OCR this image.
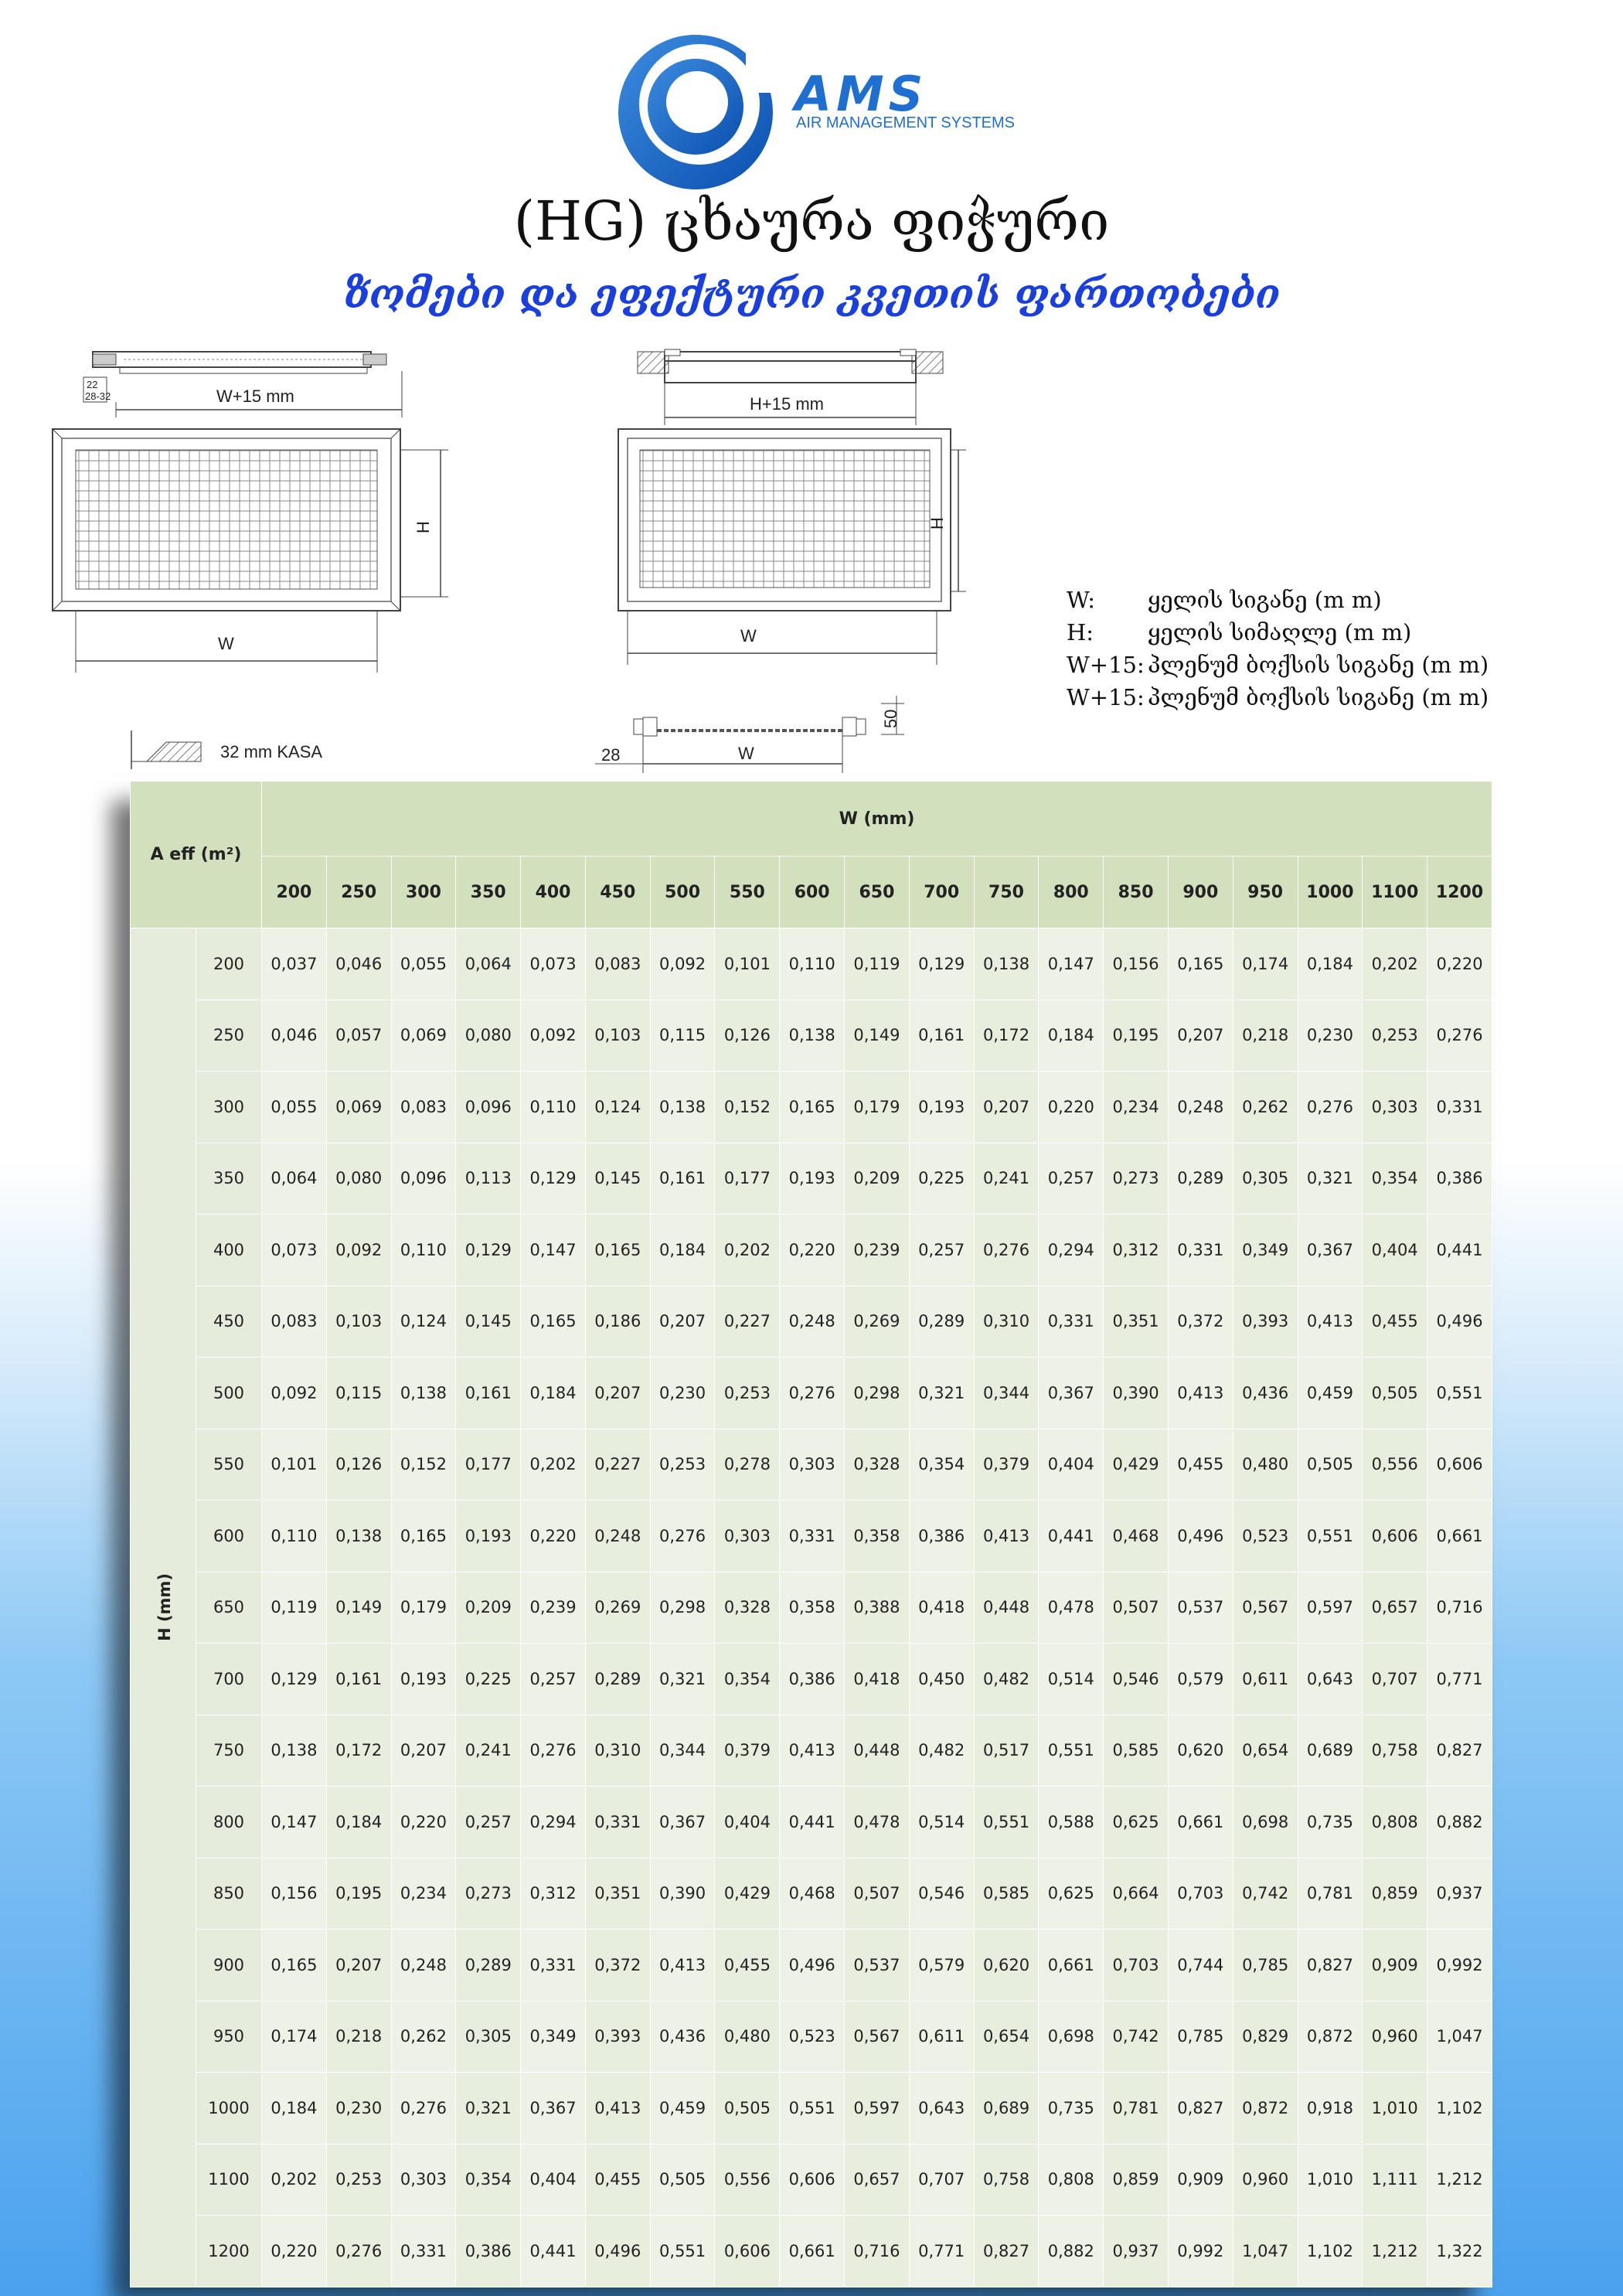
AMS
AIR MANAGEMENT SYSTEMS
(HG) ცხაურა ფიჭური
ზომები და ეფექტური კვეთის ფართობები
22
28-32	W+15 mm
H
W
H+15 mm
H
W
32 mm KASA
50
28	W
W:	ყელის სიგანე (m m)
H:	ყელის სიმაღლე (m m)
W+15: პლენუმ ბოქსის სიგანე (m m)
W+15: პლენუმ ბოქსის სიგანე (m m)
A eff (m²)		W (mm)																		
		200	250	300	350	400	450	500	550	600	650	700	750	800	850	900	950	1000	1100	1200
H (mm)	200	0,037	0,046	0,055	0,064	0,073	0,083	0,092	0,101	0,110	0,119	0,129	0,138	0,147	0,156	0,165	0,174	0,184	0,202	0,220
	250	0,046	0,057	0,069	0,080	0,092	0,103	0,115	0,126	0,138	0,149	0,161	0,172	0,184	0,195	0,207	0,218	0,230	0,253	0,276
	300	0,055	0,069	0,083	0,096	0,110	0,124	0,138	0,152	0,165	0,179	0,193	0,207	0,220	0,234	0,248	0,262	0,276	0,303	0,331
	350	0,064	0,080	0,096	0,113	0,129	0,145	0,161	0,177	0,193	0,209	0,225	0,241	0,257	0,273	0,289	0,305	0,321	0,354	0,386
	400	0,073	0,092	0,110	0,129	0,147	0,165	0,184	0,202	0,220	0,239	0,257	0,276	0,294	0,312	0,331	0,349	0,367	0,404	0,441
	450	0,083	0,103	0,124	0,145	0,165	0,186	0,207	0,227	0,248	0,269	0,289	0,310	0,331	0,351	0,372	0,393	0,413	0,455	0,496
	500	0,092	0,115	0,138	0,161	0,184	0,207	0,230	0,253	0,276	0,298	0,321	0,344	0,367	0,390	0,413	0,436	0,459	0,505	0,551
	550	0,101	0,126	0,152	0,177	0,202	0,227	0,253	0,278	0,303	0,328	0,354	0,379	0,404	0,429	0,455	0,480	0,505	0,556	0,606
	600	0,110	0,138	0,165	0,193	0,220	0,248	0,276	0,303	0,331	0,358	0,386	0,413	0,441	0,468	0,496	0,523	0,551	0,606	0,661
	650	0,119	0,149	0,179	0,209	0,239	0,269	0,298	0,328	0,358	0,388	0,418	0,448	0,478	0,507	0,537	0,567	0,597	0,657	0,716
	700	0,129	0,161	0,193	0,225	0,257	0,289	0,321	0,354	0,386	0,418	0,450	0,482	0,514	0,546	0,579	0,611	0,643	0,707	0,771
	750	0,138	0,172	0,207	0,241	0,276	0,310	0,344	0,379	0,413	0,448	0,482	0,517	0,551	0,585	0,620	0,654	0,689	0,758	0,827
	800	0,147	0,184	0,220	0,257	0,294	0,331	0,367	0,404	0,441	0,478	0,514	0,551	0,588	0,625	0,661	0,698	0,735	0,808	0,882
	850	0,156	0,195	0,234	0,273	0,312	0,351	0,390	0,429	0,468	0,507	0,546	0,585	0,625	0,664	0,703	0,742	0,781	0,859	0,937
	900	0,165	0,207	0,248	0,289	0,331	0,372	0,413	0,455	0,496	0,537	0,579	0,620	0,661	0,703	0,744	0,785	0,827	0,909	0,992
	950	0,174	0,218	0,262	0,305	0,349	0,393	0,436	0,480	0,523	0,567	0,611	0,654	0,698	0,742	0,785	0,829	0,872	0,960	1,047
	1000	0,184	0,230	0,276	0,321	0,367	0,413	0,459	0,505	0,551	0,597	0,643	0,689	0,735	0,781	0,827	0,872	0,918	1,010	1,102
	1100	0,202	0,253	0,303	0,354	0,404	0,455	0,505	0,556	0,606	0,657	0,707	0,758	0,808	0,859	0,909	0,960	1,010	1,111	1,212
	1200	0,220	0,276	0,331	0,386	0,441	0,496	0,551	0,606	0,661	0,716	0,771	0,827	0,882	0,937	0,992	1,047	1,102	1,212	1,322
